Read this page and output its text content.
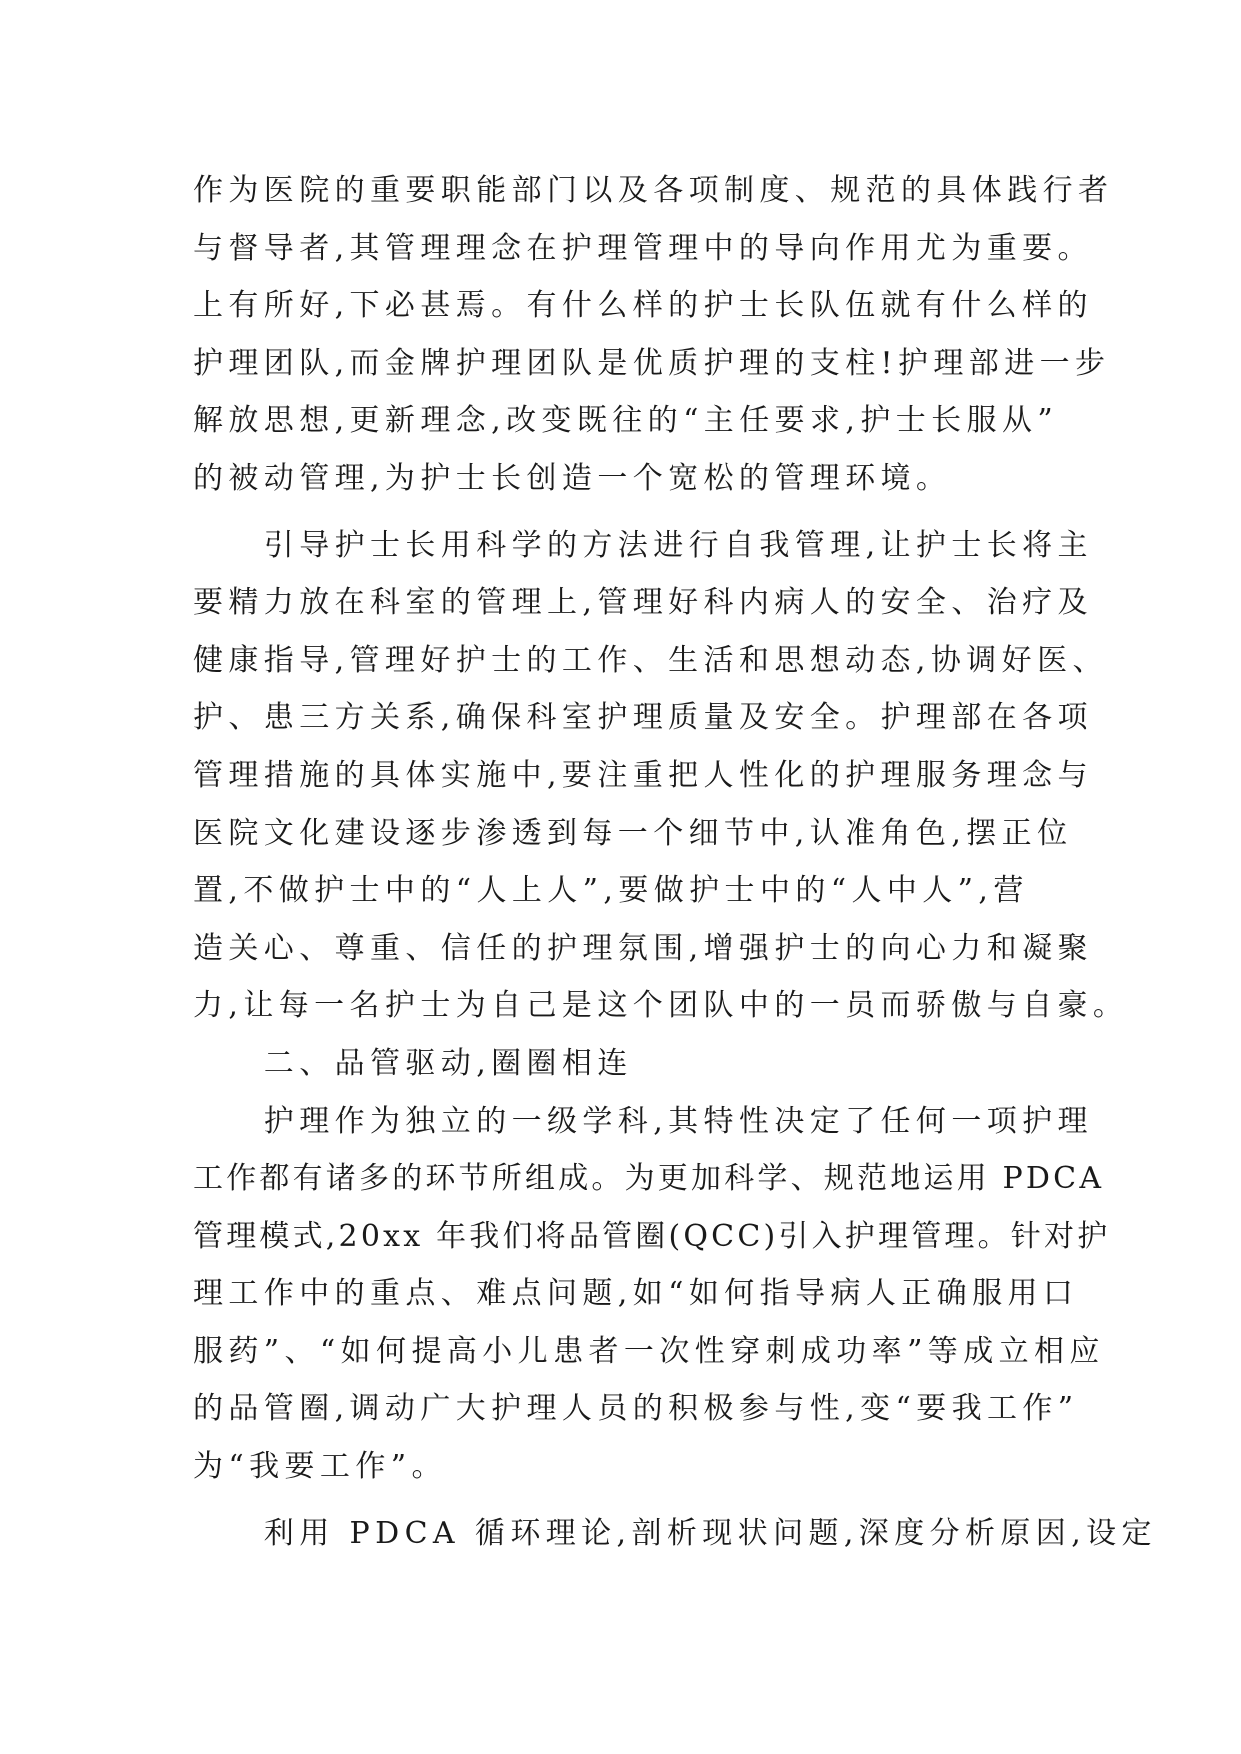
作为医院的重要职能部门以及各项制度、规范的具体践行者
与督导者,其管理理念在护理管理中的导向作用尤为重要。
上有所好,下必甚焉。有什么样的护士长队伍就有什么样的
护理团队,而金牌护理团队是优质护理的支柱!护理部进一步
解放思想,更新理念,改变既往的“主任要求,护士长服从”
的被动管理,为护士长创造一个宽松的管理环境。
　　引导护士长用科学的方法进行自我管理,让护士长将主
要精力放在科室的管理上,管理好科内病人的安全、治疗及
健康指导,管理好护士的工作、生活和思想动态,协调好医、
护、患三方关系,确保科室护理质量及安全。护理部在各项
管理措施的具体实施中,要注重把人性化的护理服务理念与
医院文化建设逐步渗透到每一个细节中,认准角色,摆正位
置,不做护士中的“人上人”,要做护士中的“人中人”,营
造关心、尊重、信任的护理氛围,增强护士的向心力和凝聚
力,让每一名护士为自己是这个团队中的一员而骄傲与自豪。
　　二、品管驱动,圈圈相连
　　护理作为独立的一级学科,其特性决定了任何一项护理
工作都有诸多的环节所组成。为更加科学、规范地运用 PDCA
管理模式,20xx 年我们将品管圈(QCC)引入护理管理。针对护
理工作中的重点、难点问题,如“如何指导病人正确服用口
服药”、“如何提高小儿患者一次性穿刺成功率”等成立相应
的品管圈,调动广大护理人员的积极参与性,变“要我工作”
为“我要工作”。
　　利用 PDCA 循环理论,剖析现状问题,深度分析原因,设定
